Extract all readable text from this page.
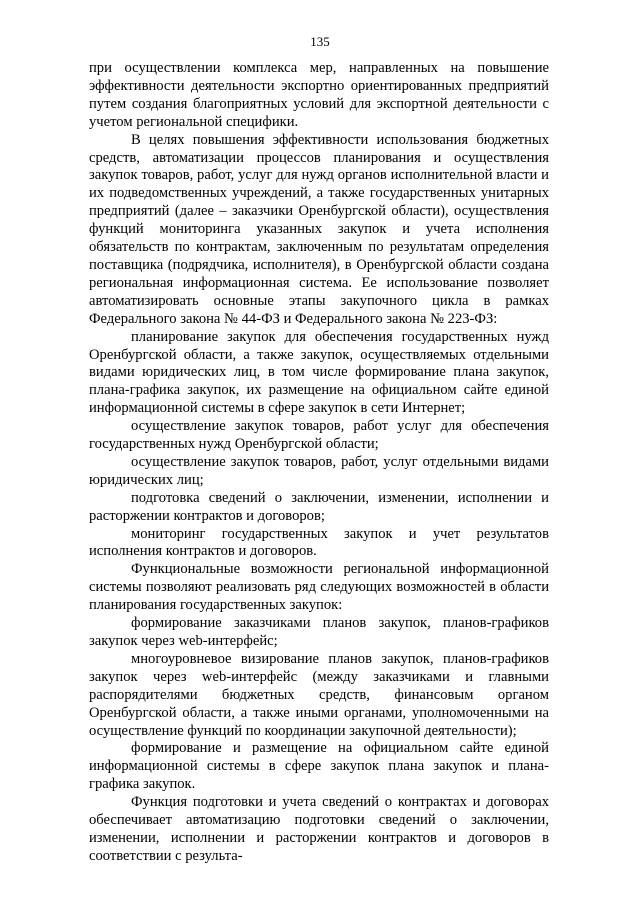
135

при осуществлении комплекса мер, направленных на повышение эффективности деятельности экспортно ориентированных предприятий путем создания благоприятных условий для экспортной деятельности с учетом региональной специфики.

В целях повышения эффективности использования бюджетных средств, автоматизации процессов планирования и осуществления закупок товаров, работ, услуг для нужд органов исполнительной власти и их подведомственных учреждений, а также государственных унитарных предприятий (далее – заказчики Оренбургской области), осуществления функций мониторинга указанных закупок и учета исполнения обязательств по контрактам, заключенным по результатам определения поставщика (подрядчика, исполнителя), в Оренбургской области создана региональная информационная система. Ее использование позволяет автоматизировать основные этапы закупочного цикла в рамках Федерального закона № 44-ФЗ и Федерального закона № 223-ФЗ:

планирование закупок для обеспечения государственных нужд Оренбургской области, а также закупок, осуществляемых отдельными видами юридических лиц, в том числе формирование плана закупок, плана-графика закупок, их размещение на официальном сайте единой информационной системы в сфере закупок в сети Интернет;

осуществление закупок товаров, работ услуг для обеспечения государственных нужд Оренбургской области;

осуществление закупок товаров, работ, услуг отдельными видами юридических лиц;

подготовка сведений о заключении, изменении, исполнении и расторжении контрактов и договоров;

мониторинг государственных закупок и учет результатов исполнения контрактов и договоров.

Функциональные возможности региональной информационной системы позволяют реализовать ряд следующих возможностей в области планирования государственных закупок:

формирование заказчиками планов закупок, планов-графиков закупок через web-интерфейс;

многоуровневое визирование планов закупок, планов-графиков закупок через web-интерфейс (между заказчиками и главными распорядителями бюджетных средств, финансовым органом Оренбургской области, а также иными органами, уполномоченными на осуществление функций по координации закупочной деятельности);

формирование и размещение на официальном сайте единой информационной системы в сфере закупок плана закупок и плана-графика закупок.

Функция подготовки и учета сведений о контрактах и договорах обеспечивает автоматизацию подготовки сведений о заключении, изменении, исполнении и расторжении контрактов и договоров в соответствии с результа-
